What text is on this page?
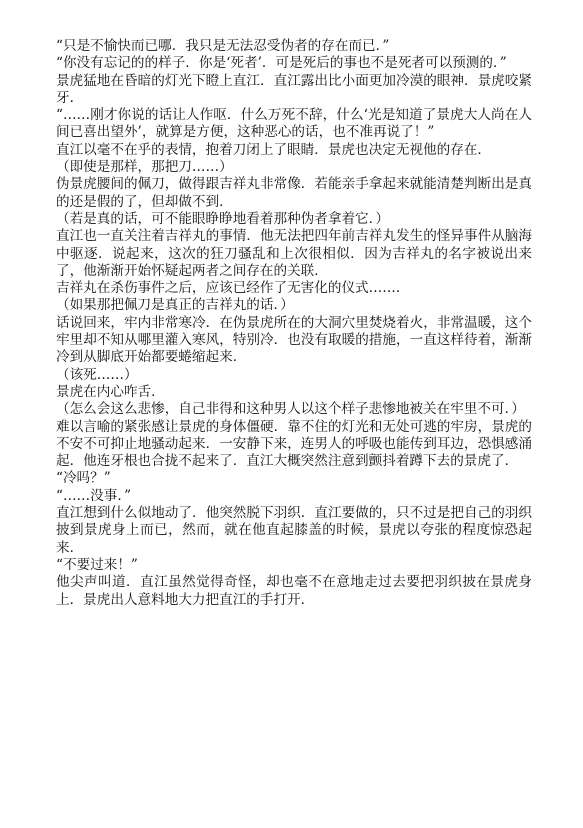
“只是不愉快而已哪．我只是无法忍受伪者的存在而已．”

“你没有忘记的的样子．你是‘死者’．可是死后的事也不是死者可以预测的．”

景虎猛地在昏暗的灯光下瞪上直江．直江露出比小面更加冷漠的眼神．景虎咬紧牙．

“……刚才你说的话让人作呕．什么万死不辞，什么‘光是知道了景虎大人尚在人间已喜出望外’，就算是方便，这种恶心的话，也不准再说了！”

直江以毫不在乎的表情，抱着刀闭上了眼睛．景虎也决定无视他的存在．

（即使是那样，那把刀……）

伪景虎腰间的佩刀，做得跟吉祥丸非常像．若能亲手拿起来就能清楚判断出是真的还是假的了，但却做不到．

（若是真的话，可不能眼睁睁地看着那种伪者拿着它．）

直江也一直关注着吉祥丸的事情．他无法把四年前吉祥丸发生的怪异事件从脑海中驱逐．说起来，这次的狂刀骚乱和上次很相似．因为吉祥丸的名字被说出来了，他渐渐开始怀疑起两者之间存在的关联．

吉祥丸在杀伤事件之后，应该已经作了无害化的仪式……．

（如果那把佩刀是真正的吉祥丸的话．）

话说回来，牢内非常寒冷．在伪景虎所在的大洞穴里焚烧着火，非常温暖，这个牢里却不知从哪里灌入寒风，特别冷．也没有取暖的措施，一直这样待着，渐渐冷到从脚底开始都要蜷缩起来．

（该死……）

景虎在内心咋舌．

（怎么会这么悲惨，自己非得和这种男人以这个样子悲惨地被关在牢里不可．）

难以言喻的紧张感让景虎的身体僵硬．靠不住的灯光和无处可逃的牢房，景虎的不安不可抑止地骚动起来．一安静下来，连男人的呼吸也能传到耳边，恐惧感涌起．他连牙根也合拢不起来了．直江大概突然注意到颤抖着蹲下去的景虎了．

“冷吗？”

“……没事．”

直江想到什么似地动了．他突然脱下羽织．直江要做的，只不过是把自己的羽织披到景虎身上而已，然而，就在他直起膝盖的时候，景虎以夸张的程度惊恐起来．

“不要过来！”

他尖声叫道．直江虽然觉得奇怪，却也毫不在意地走过去要把羽织披在景虎身上．景虎出人意料地大力把直江的手打开．
